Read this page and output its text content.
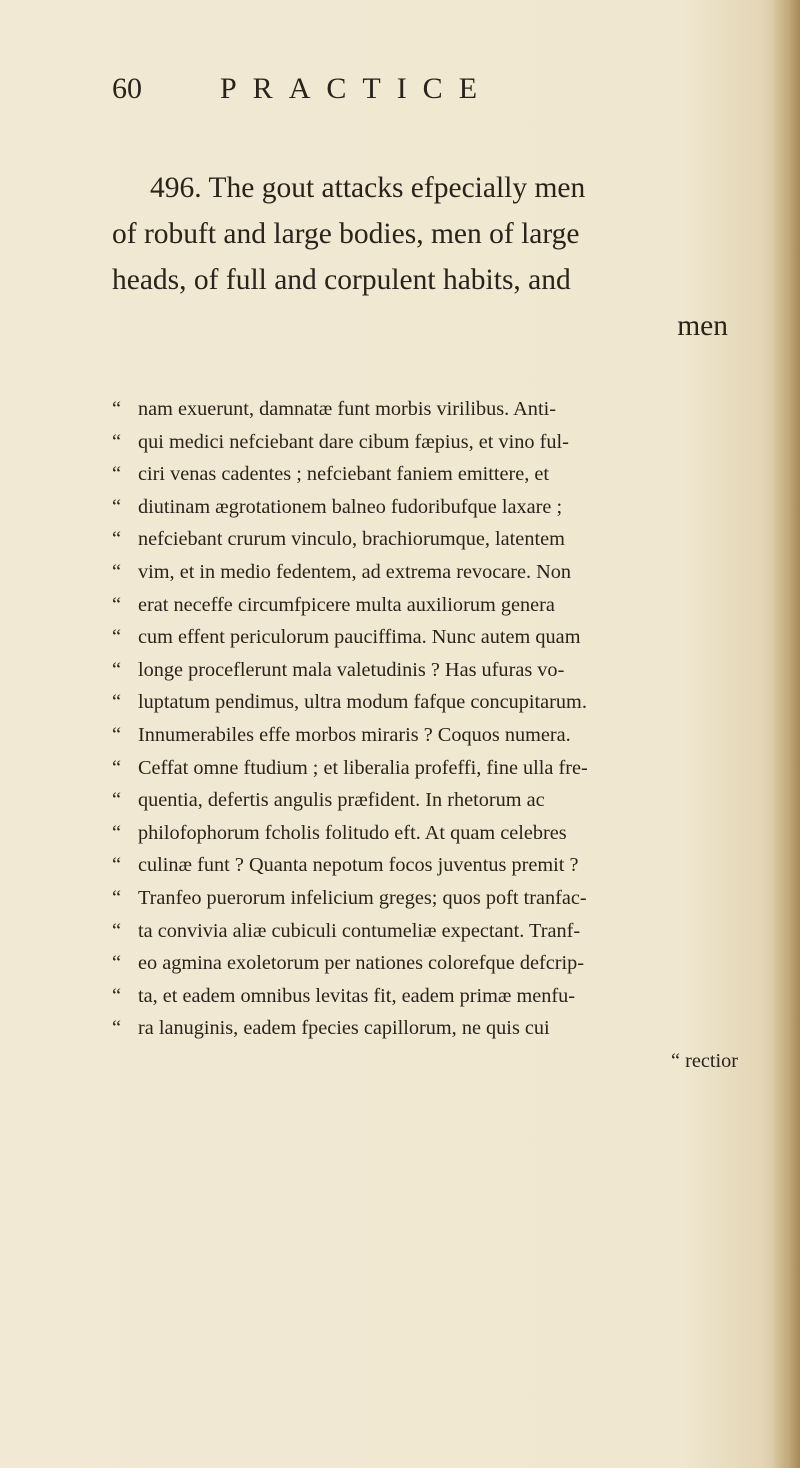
60	PRACTICE
496. The gout attacks efpecially men
of robuft and large bodies, men of large
heads, of full and corpulent habits, and
men
“ nam exuerunt, damnatæ funt morbis virilibus. Anti-
“ qui medici nefciebant dare cibum fæpius, et vino ful-
“ ciri venas cadentes ; nefciebant faniem emittere, et
“ diutinam ægrotationem balneo fudoribufque laxare ;
“ nefciebant crurum vinculo, brachiorumque, latentem
“ vim, et in medio fedentem, ad extrema revocare. Non
“ erat neceffe circumfpicere multa auxiliorum genera
“ cum effent periculorum pauciffima. Nunc autem quam
“ longe proceflerunt mala valetudinis ? Has ufuras vo-
“ luptatum pendimus, ultra modum fafque concupitarum.
“ Innumerabiles effe morbos miraris ? Coquos numera.
“ Ceffat omne ftudium ; et liberalia profeffi, fine ulla fre-
“ quentia, defertis angulis præfident. In rhetorum ac
“ philofophorum fcholis folitudo eft. At quam celebres
“ culinæ funt ? Quanta nepotum focos juventus premit ?
“ Tranfeo puerorum infelicium greges; quos poft tranfac-
“ ta convivia aliæ cubiculi contumeliæ expectant. Tranf-
“ eo agmina exoletorum per nationes colorefque defcrip-
“ ta, et eadem omnibus levitas fit, eadem primæ menfu-
“ ra lanuginis, eadem fpecies capillorum, ne quis cui
“ rectior
